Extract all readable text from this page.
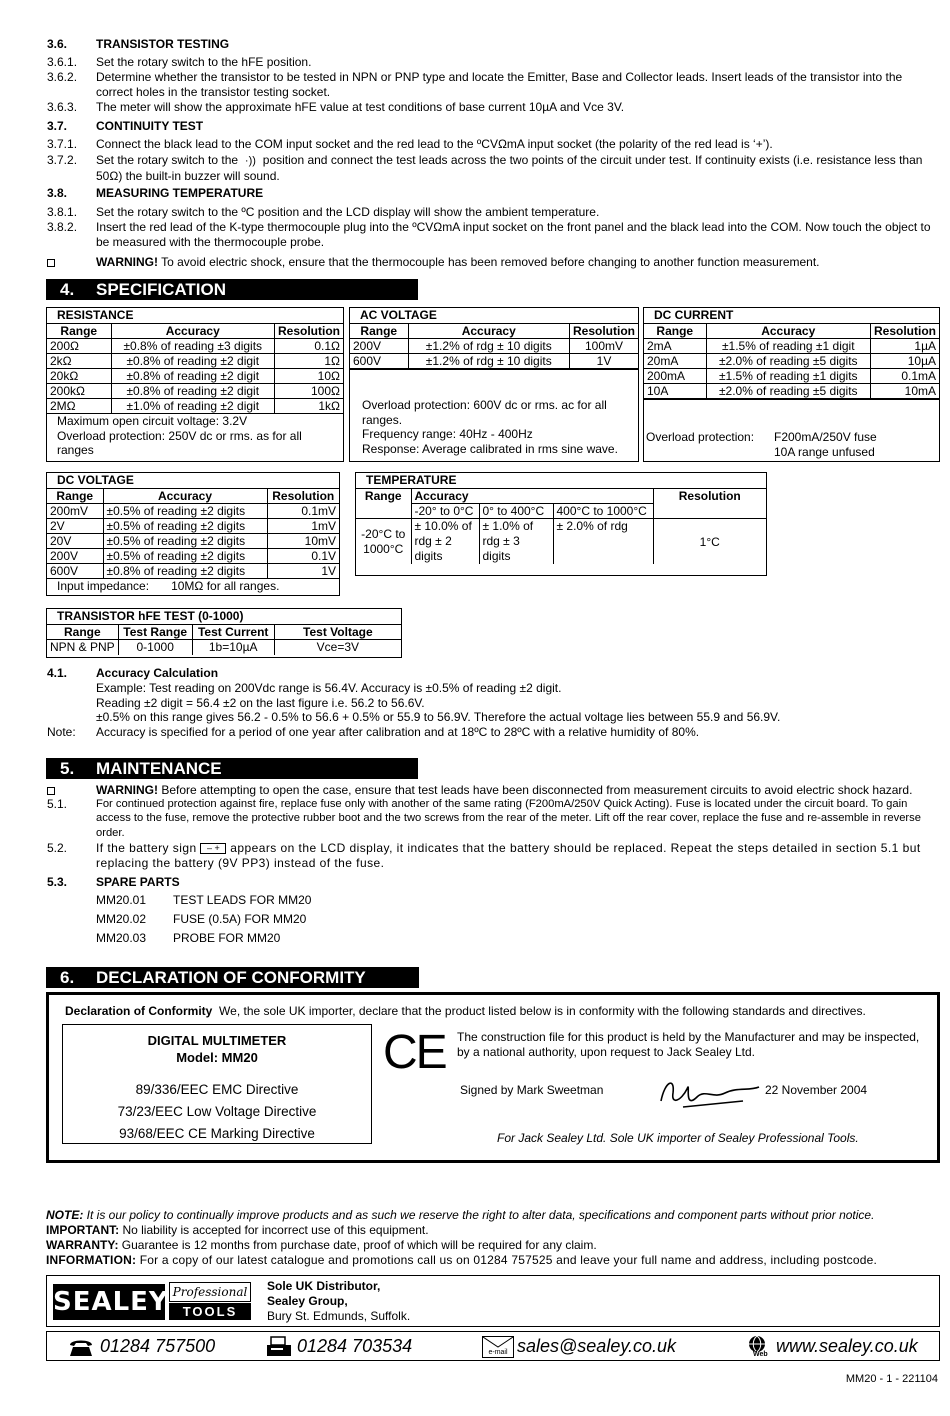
3.6. TRANSISTOR TESTING
3.6.1. Set the rotary switch to the hFE position.
3.6.2. Determine whether the transistor to be tested in NPN or PNP type and locate the Emitter, Base and Collector leads. Insert leads of the transistor into the correct holes in the transistor testing socket.
3.6.3. The meter will show the approximate hFE value at test conditions of base current 10µA and Vce 3V.
3.7. CONTINUITY TEST
3.7.1. Connect the black lead to the COM input socket and the red lead to the ºCVΩmA input socket (the polarity of the red lead is ‘+’).
3.7.2. Set the rotary switch to the ·)) position and connect the test leads across the two points of the circuit under test. If continuity exists (i.e. resistance less than 50Ω) the built-in buzzer will sound.
3.8. MEASURING TEMPERATURE
3.8.1. Set the rotary switch to the ºC position and the LCD display will show the ambient temperature.
3.8.2. Insert the red lead of the K-type thermocouple plug into the ºCVΩmA input socket on the front panel and the black lead into the COM. Now touch the object to be measured with the thermocouple probe.
WARNING! To avoid electric shock, ensure that the thermocouple has been removed before changing to another function measurement.
4. SPECIFICATION
RESISTANCE
Range	Accuracy	Resolution
200Ω	±0.8% of reading ±3 digits	0.1Ω
2kΩ	±0.8% of reading ±2 digit	1Ω
20kΩ	±0.8% of reading ±2 digit	10Ω
200kΩ	±0.8% of reading ±2 digit	100Ω
2MΩ	±1.0% of reading ±2 digit	1kΩ
Maximum open circuit voltage: 3.2V
Overload protection: 250V dc or rms. as for all ranges
AC VOLTAGE
Range	Accuracy	Resolution
200V	±1.2% of rdg ± 10 digits	100mV
600V	±1.2% of rdg ± 10 digits	1V
Overload protection: 600V dc or rms. ac for all ranges.
Frequency range: 40Hz - 400Hz
Response: Average calibrated in rms sine wave.
DC CURRENT
Range	Accuracy	Resolution
2mA	±1.5% of reading ±1 digit	1µA
20mA	±2.0% of reading ±5 digits	10µA
200mA	±1.5% of reading ±1 digits	0.1mA
10A	±2.0% of reading ±5 digits	10mA
Overload protection: F200mA/250V fuse
10A range unfused
DC VOLTAGE
Range	Accuracy	Resolution
200mV	±0.5% of reading ±2 digits	0.1mV
2V	±0.5% of reading ±2 digits	1mV
20V	±0.5% of reading ±2 digits	10mV
200V	±0.5% of reading ±2 digits	0.1V
600V	±0.8% of reading ±2 digits	1V
Input impedance: 10MΩ for all ranges.
TEMPERATURE
Range	Accuracy			Resolution
	-20° to 0°C	0° to 400°C	400°C to 1000°C	
-20°C to 1000°C	± 10.0% of rdg ± 2 digits	± 1.0% of rdg ± 3 digits	± 2.0% of rdg	1°C
TRANSISTOR hFE TEST (0-1000)
Range	Test Range	Test Current	Test Voltage
NPN & PNP	0-1000	1b=10µA	Vce=3V
4.1. Accuracy Calculation
Example: Test reading on 200Vdc range is 56.4V. Accuracy is ±0.5% of reading ±2 digit.
Reading ±2 digit = 56.4 ±2 on the last figure i.e. 56.2 to 56.6V.
±0.5% on this range gives 56.2 - 0.5% to 56.6 + 0.5% or 55.9 to 56.9V. Therefore the actual voltage lies between 55.9 and 56.9V.
Note: Accuracy is specified for a period of one year after calibration and at 18ºC to 28ºC with a relative humidity of 80%.
5. MAINTENANCE
WARNING! Before attempting to open the case, ensure that test leads have been disconnected from measurement circuits to avoid electric shock hazard.
5.1.	For continued protection against fire, replace fuse only with another of the same rating (F200mA/250V Quick Acting). Fuse is located under the circuit board. To gain access to the fuse, remove the protective rubber boot and the two screws from the rear of the meter. Lift off the rear cover, replace the fuse and re-assemble in reverse order.
5.2. If the battery sign – + appears on the LCD display, it indicates that the battery should be replaced. Repeat the steps detailed in section 5.1 but replacing the battery (9V PP3) instead of the fuse.
5.3. SPARE PARTS
MM20.01 TEST LEADS FOR MM20
MM20.02 FUSE (0.5A) FOR MM20
MM20.03 PROBE FOR MM20
6. DECLARATION OF CONFORMITY
Declaration of Conformity We, the sole UK importer, declare that the product listed below is in conformity with the following standards and directives.
DIGITAL MULTIMETER
Model: MM20
89/336/EEC EMC Directive
73/23/EEC Low Voltage Directive
93/68/EEC CE Marking Directive
CE The construction file for this product is held by the Manufacturer and may be inspected, by a national authority, upon request to Jack Sealey Ltd.
Signed by Mark Sweetman	22 November 2004
For Jack Sealey Ltd. Sole UK importer of Sealey Professional Tools.
NOTE: It is our policy to continually improve products and as such we reserve the right to alter data, specifications and component parts without prior notice.
IMPORTANT: No liability is accepted for incorrect use of this equipment.
WARRANTY: Guarantee is 12 months from purchase date, proof of which will be required for any claim.
INFORMATION: For a copy of our latest catalogue and promotions call us on 01284 757525 and leave your full name and address, including postcode.
SEALEY Professional
TOOLS
Sole UK Distributor,
Sealey Group,
Bury St. Edmunds, Suffolk.
01284 757500	01284 703534	e-mail sales@sealey.co.uk	Web www.sealey.co.uk
MM20 - 1 - 221104
